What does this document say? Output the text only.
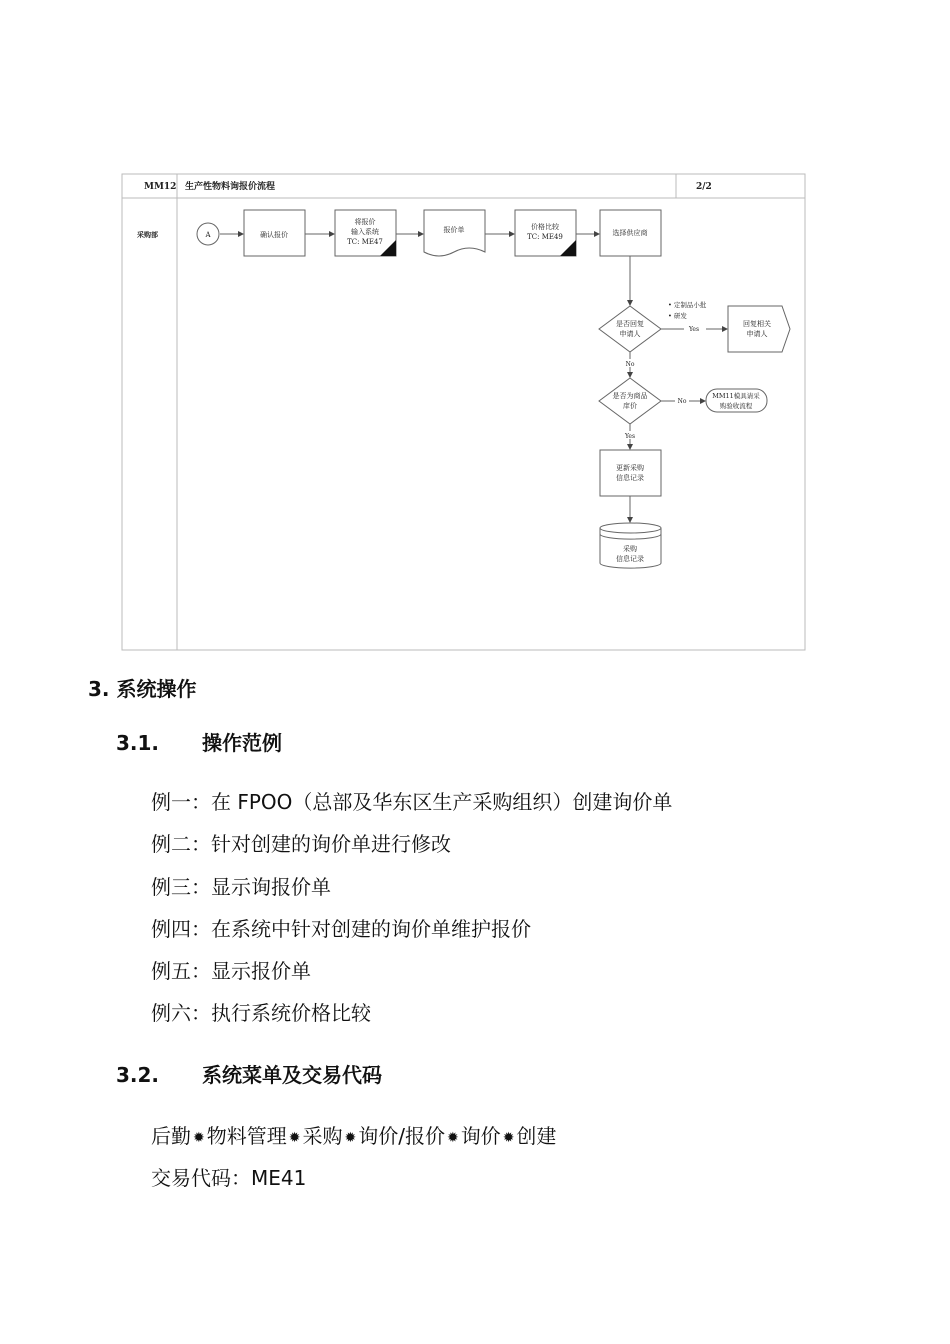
MM12 生产性物料询报价流程	2/2
采购部	A	确认报价
将报价
输入系统
TC: ME47
报价单	价格比较
TC: ME49	选择供应商
是否回复
申请人
• 定制品小批
• 研发
Yes
回复相关
申请人
No
是否为商品
庠价
No
MM11模具请采
购验收流程
Yes
更新采购
信息记录
采购
信息记录
3. 系统操作
3.1. 操作范例
例一：在 FPOO（总部及华东区生产采购组织）创建询价单
例二：针对创建的询价单进行修改
例三：显示询报价单
例四：在系统中针对创建的询价单维护报价
例五：显示报价单
例六：执行系统价格比较
3.2. 系统菜单及交易代码
后勤 ✹ 物料管理 ✹ 采购 ✹ 询价/报价 ✹ 询价 ✹ 创建
交易代码：ME41
